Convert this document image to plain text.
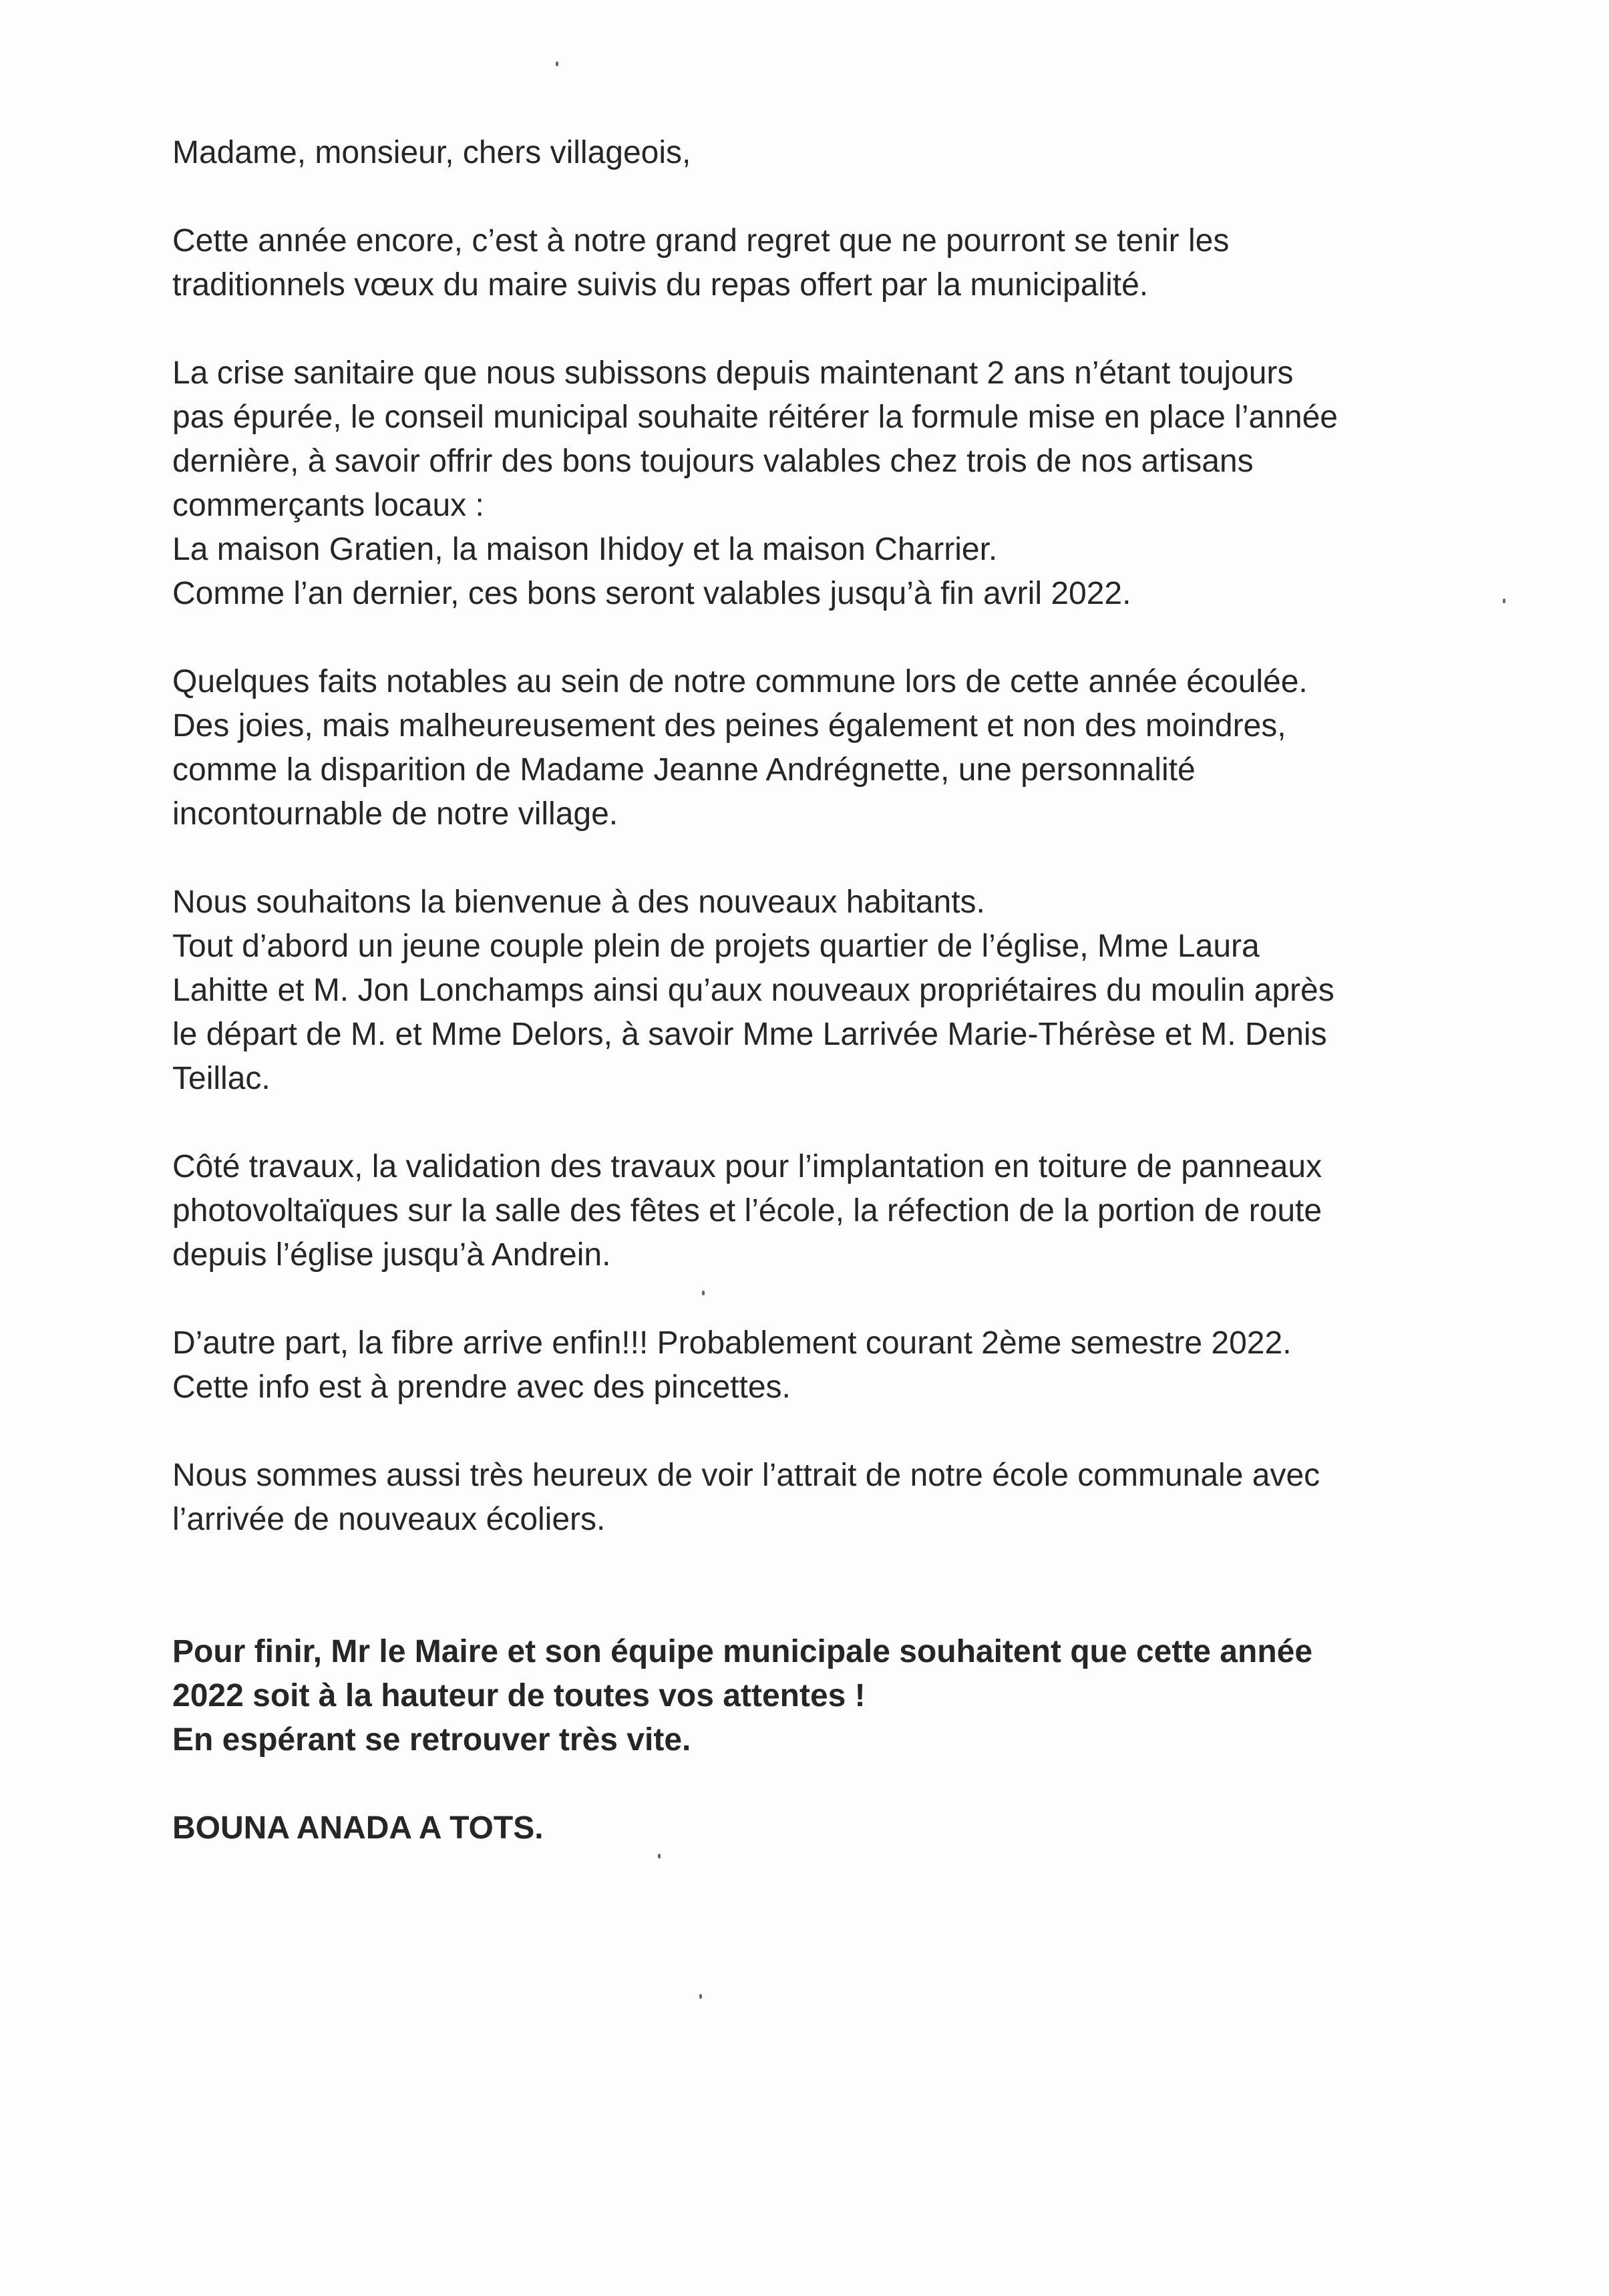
Madame, monsieur, chers villageois,
Cette année encore, c’est à notre grand regret que ne pourront se tenir les
traditionnels vœux du maire suivis du repas offert par la municipalité.
La crise sanitaire que nous subissons depuis maintenant 2 ans n’étant toujours
pas épurée, le conseil municipal souhaite réitérer la formule mise en place l’année
dernière, à savoir offrir des bons toujours valables chez trois de nos artisans
commerçants locaux :
La maison Gratien, la maison Ihidoy et la maison Charrier.
Comme l’an dernier, ces bons seront valables jusqu’à fin avril 2022.
Quelques faits notables au sein de notre commune lors de cette année écoulée.
Des joies, mais malheureusement des peines également et non des moindres,
comme la disparition de Madame Jeanne Andrégnette, une personnalité
incontournable de notre village.
Nous souhaitons la bienvenue à des nouveaux habitants.
Tout d’abord un jeune couple plein de projets quartier de l’église, Mme Laura
Lahitte et M. Jon Lonchamps ainsi qu’aux nouveaux propriétaires du moulin après
le départ de M. et Mme Delors, à savoir Mme Larrivée Marie-Thérèse et M. Denis
Teillac.
Côté travaux, la validation des travaux pour l’implantation en toiture de panneaux
photovoltaïques sur la salle des fêtes et l’école, la réfection de la portion de route
depuis l’église jusqu’à Andrein.
D’autre part, la fibre arrive enfin!!! Probablement courant 2ème semestre 2022.
Cette info est à prendre avec des pincettes.
Nous sommes aussi très heureux de voir l’attrait de notre école communale avec
l’arrivée de nouveaux écoliers.
Pour finir, Mr le Maire et son équipe municipale souhaitent que cette année
2022 soit à la hauteur de toutes vos attentes !
En espérant se retrouver très vite.
BOUNA ANADA A TOTS.
